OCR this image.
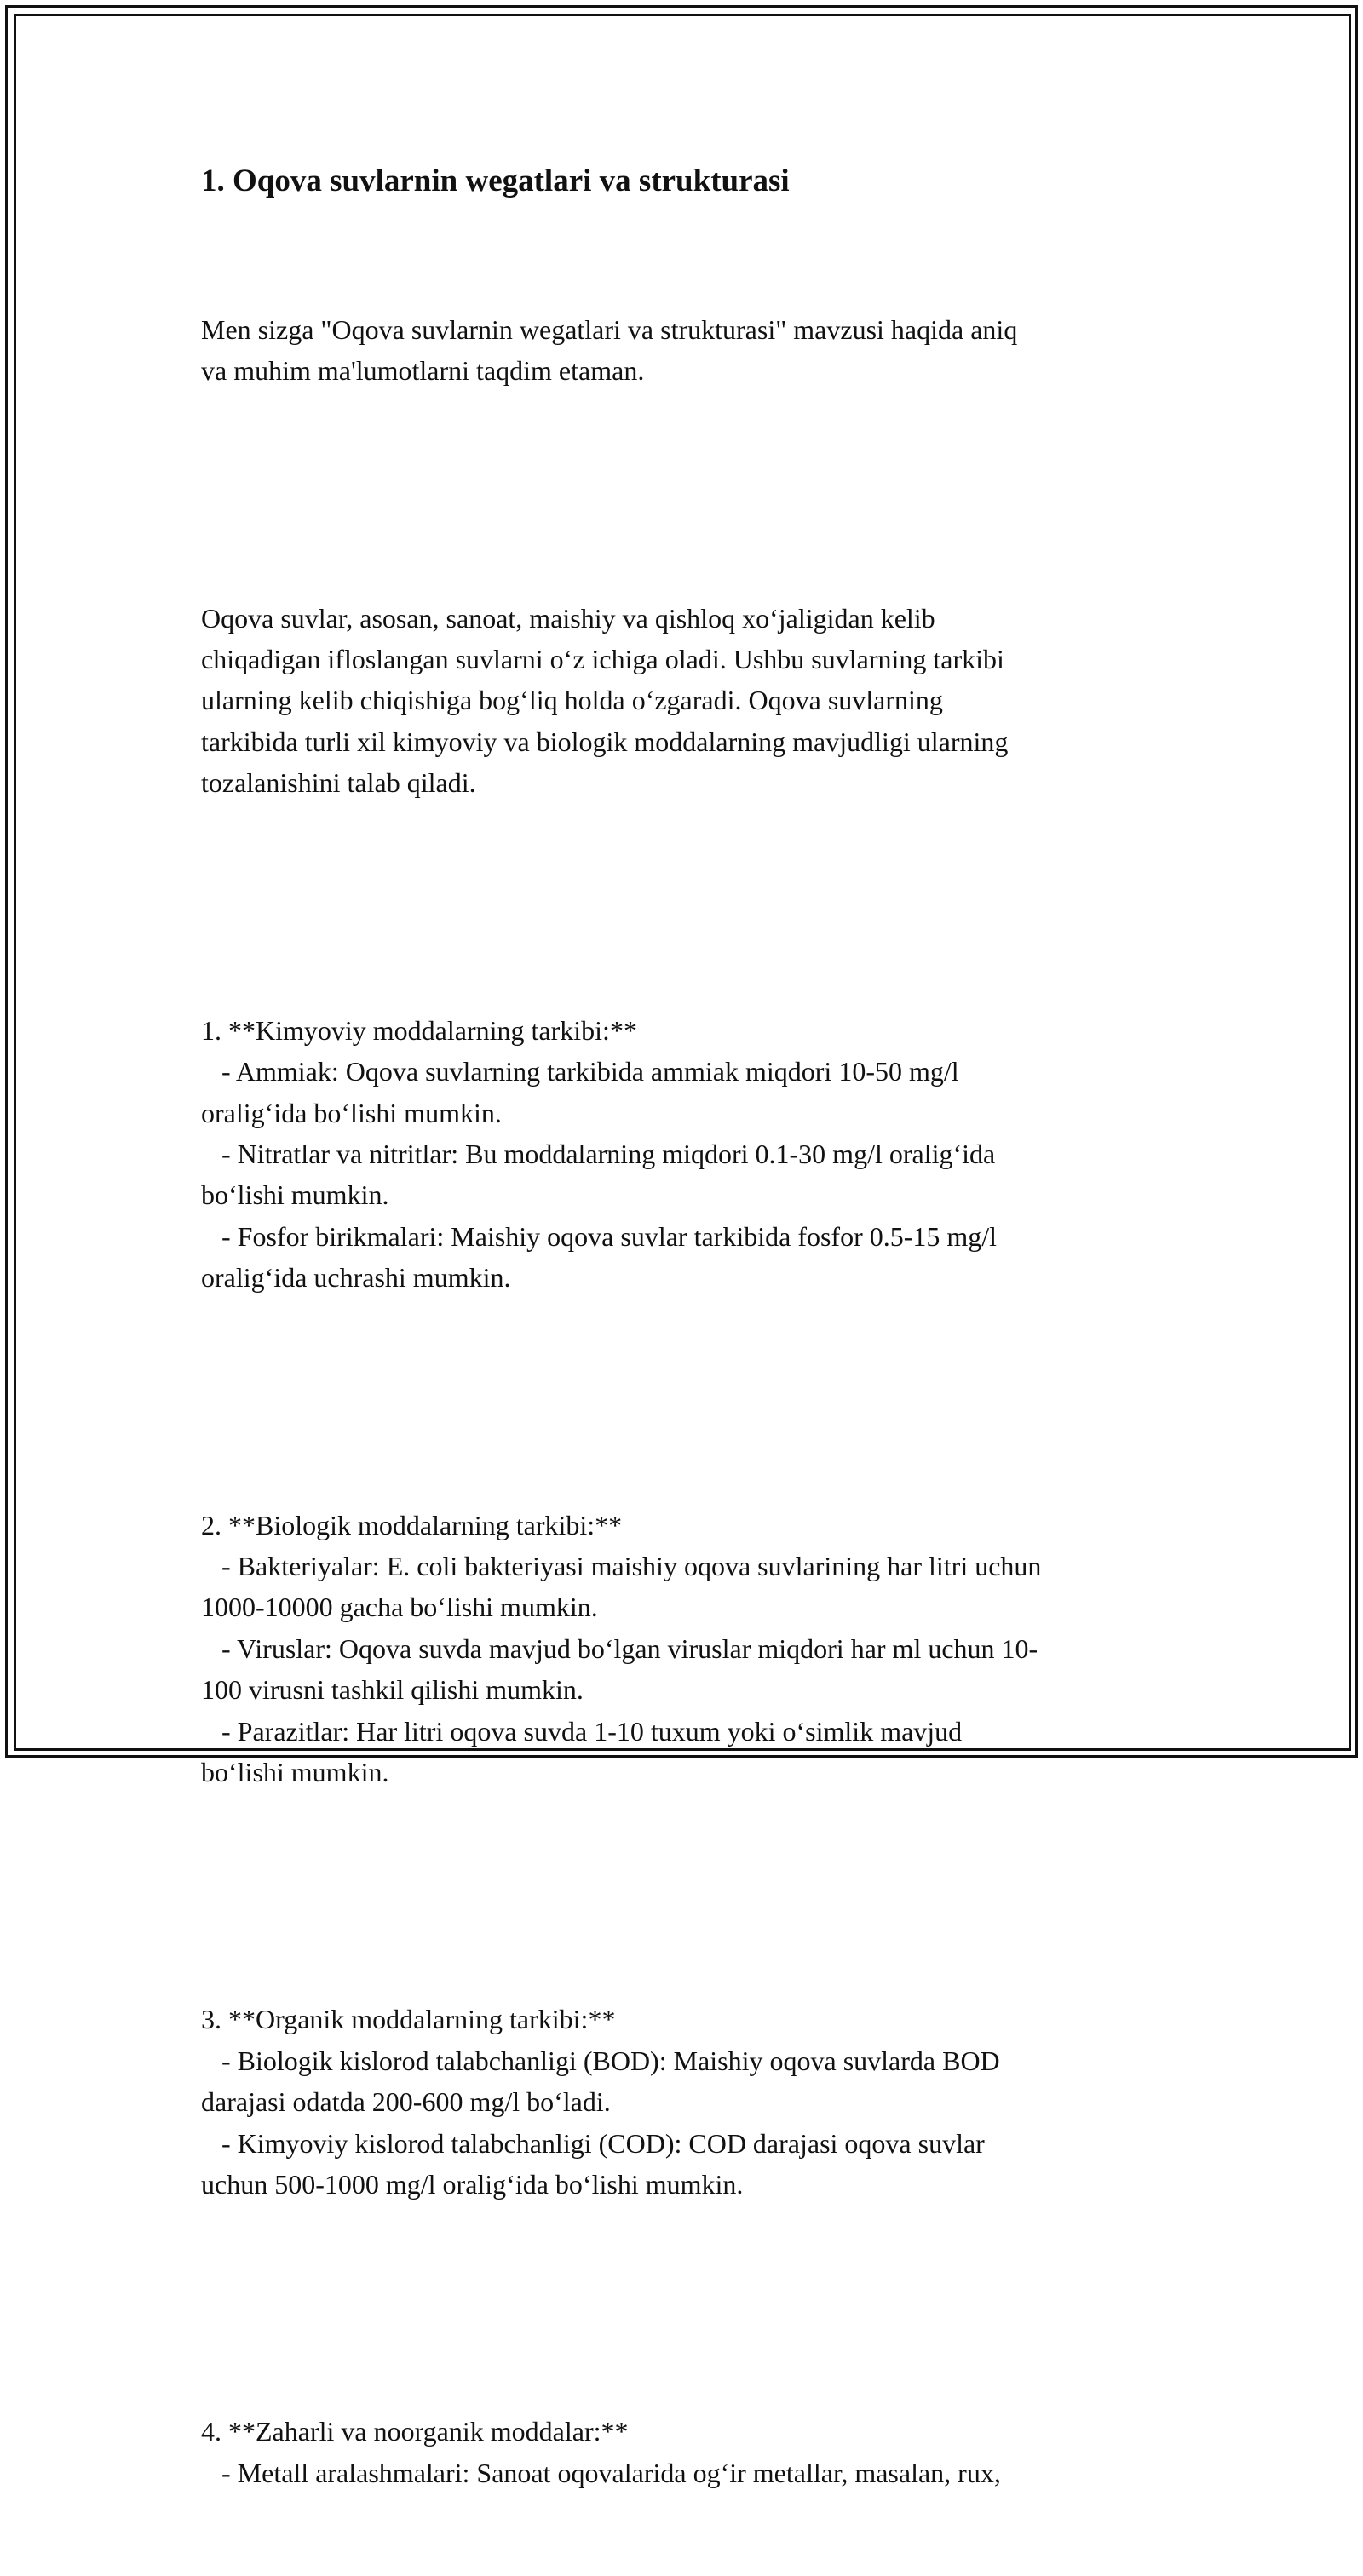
1. Oqova suvlarnin wegatlari va strukturasi

Men sizga "Oqova suvlarnin wegatlari va strukturasi" mavzusi haqida aniq
va muhim ma'lumotlarni taqdim etaman.

Oqova suvlar, asosan, sanoat, maishiy va qishloq xo‘jaligidan kelib
chiqadigan ifloslangan suvlarni o‘z ichiga oladi. Ushbu suvlarning tarkibi
ularning kelib chiqishiga bog‘liq holda o‘zgaradi. Oqova suvlarning
tarkibida turli xil kimyoviy va biologik moddalarning mavjudligi ularning
tozalanishini talab qiladi.

1. **Kimyoviy moddalarning tarkibi:**
- Ammiak: Oqova suvlarning tarkibida ammiak miqdori 10-50 mg/l
oralig‘ida bo‘lishi mumkin.
- Nitratlar va nitritlar: Bu moddalarning miqdori 0.1-30 mg/l oralig‘ida
bo‘lishi mumkin.
- Fosfor birikmalari: Maishiy oqova suvlar tarkibida fosfor 0.5-15 mg/l
oralig‘ida uchrashi mumkin.

2. **Biologik moddalarning tarkibi:**
- Bakteriyalar: E. coli bakteriyasi maishiy oqova suvlarining har litri uchun
1000-10000 gacha bo‘lishi mumkin.
- Viruslar: Oqova suvda mavjud bo‘lgan viruslar miqdori har ml uchun 10-
100 virusni tashkil qilishi mumkin.
- Parazitlar: Har litri oqova suvda 1-10 tuxum yoki o‘simlik mavjud
bo‘lishi mumkin.

3. **Organik moddalarning tarkibi:**
- Biologik kislorod talabchanligi (BOD): Maishiy oqova suvlarda BOD
darajasi odatda 200-600 mg/l bo‘ladi.
- Kimyoviy kislorod talabchanligi (COD): COD darajasi oqova suvlar
uchun 500-1000 mg/l oralig‘ida bo‘lishi mumkin.

4. **Zaharli va noorganik moddalar:**
- Metall aralashmalari: Sanoat oqovalarida og‘ir metallar, masalan, rux,
